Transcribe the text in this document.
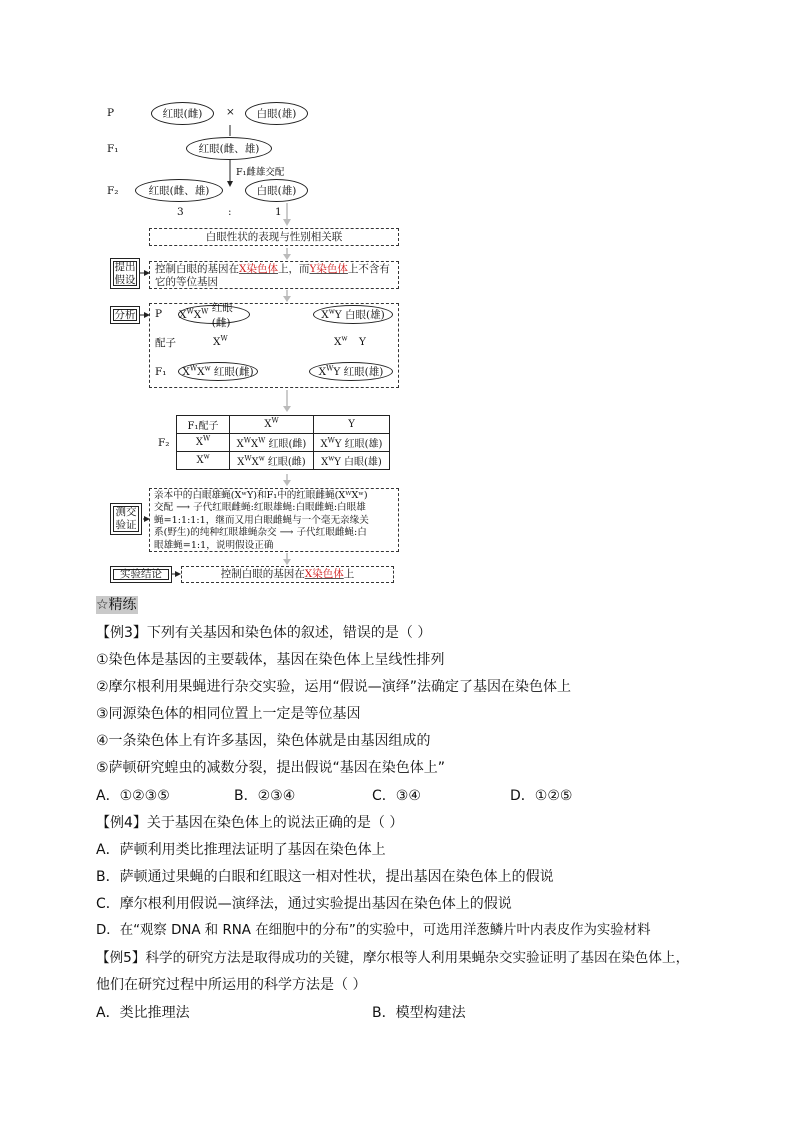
P
F₁
F₂
红眼(雌)	×	白眼(雄)
红眼(雌、雄)
F₁雌雄交配
红眼(雌、雄)	白眼(雄)
3	:	1
白眼性状的表现与性别相关联
提出假设
控制白眼的基因在X染色体上，而Y染色体上不含有它的等位基因
分析 P $X^WX^W$ 红眼(雌)
$X^wY$ 白眼(雄)
配子	$X^W$	$X^w$ Y
F₁ $X^WX^w$ 红眼(雌)	$X^WY$ 红眼(雄)
F₂
F₁配子	$X^W$	Y
$X^W$	$X^WX^W$ 红眼(雌)	$X^WY$ 红眼(雄)
$X^w$	$X^WX^w$ 红眼(雌)	$X^wY$ 白眼(雄)
测交验证
亲本中的白眼雄蝇(XʷY)和F₁中的红眼雌蝇(XᵂXʷ)
交配 ⟶ 子代红眼雌蝇:红眼雄蝇:白眼雌蝇:白眼雄
蝇=1:1:1:1，继而又用白眼雌蝇与一个毫无亲缘关
系(野生)的纯种红眼雄蝇杂交 ⟶ 子代红眼雌蝇:白
眼雄蝇=1:1，说明假设正确
实验结论	控制白眼的基因在X染色体上
☆精练
【例3】下列有关基因和染色体的叙述，错误的是（ ）
①染色体是基因的主要载体，基因在染色体上呈线性排列
②摩尔根利用果蝇进行杂交实验，运用“假说—演绎”法确定了基因在染色体上
③同源染色体的相同位置上一定是等位基因
④一条染色体上有许多基因，染色体就是由基因组成的
⑤萨顿研究蝗虫的减数分裂，提出假说“基因在染色体上”
A．①②③⑤	B．②③④	C．③④	D．①②⑤
【例4】关于基因在染色体上的说法正确的是（ ）
A．萨顿利用类比推理法证明了基因在染色体上
B．萨顿通过果蝇的白眼和红眼这一相对性状，提出基因在染色体上的假说
C．摩尔根利用假说—演绎法，通过实验提出基因在染色体上的假说
D．在“观察 DNA 和 RNA 在细胞中的分布”的实验中，可选用洋葱鳞片叶内表皮作为实验材料
【例5】科学的研究方法是取得成功的关键，摩尔根等人利用果蝇杂交实验证明了基因在染色体上，
他们在研究过程中所运用的科学方法是（ ）
A．类比推理法	B．模型构建法
